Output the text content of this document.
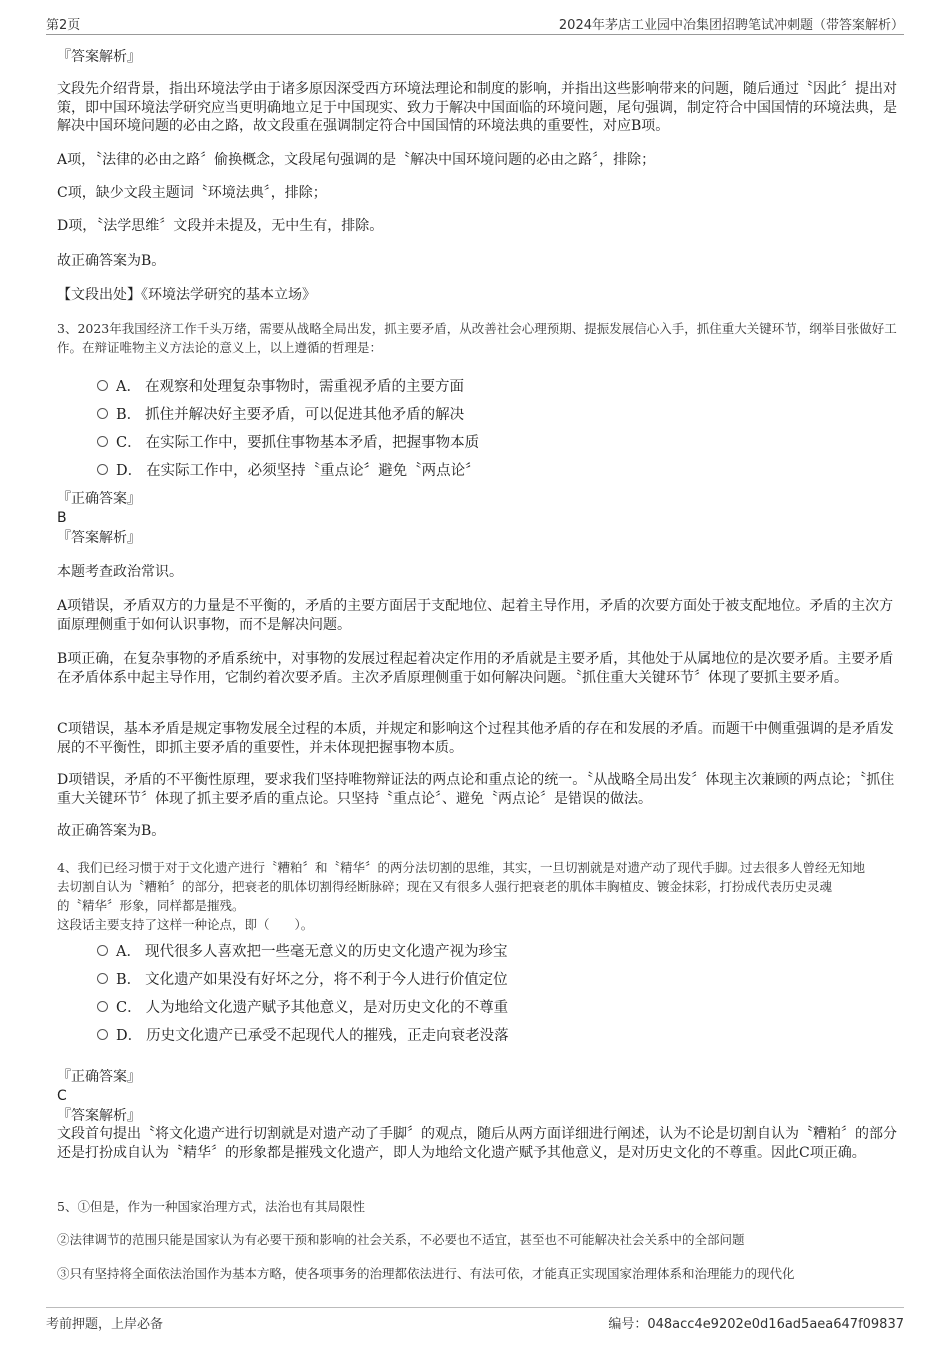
第2页	2024年茅店工业园中冶集团招聘笔试冲刺题（带答案解析）

『答案解析』

文段先介绍背景，指出环境法学由于诸多原因深受西方环境法理论和制度的影响，并指出这些影响带来的问题，随后通过〝因此〞提出对策，即中国环境法学研究应当更明确地立足于中国现实、致力于解决中国面临的环境问题，尾句强调，制定符合中国国情的环境法典，是解决中国环境问题的必由之路，故文段重在强调制定符合中国国情的环境法典的重要性，对应B项。

A项，〝法律的必由之路〞偷换概念，文段尾句强调的是〝解决中国环境问题的必由之路〞，排除；

C项，缺少文段主题词〝环境法典〞，排除；

D项，〝法学思维〞文段并未提及，无中生有，排除。

故正确答案为B。

【文段出处】《环境法学研究的基本立场》

3、2023年我国经济工作千头万绪，需要从战略全局出发，抓主要矛盾，从改善社会心理预期、提振发展信心入手，抓住重大关键环节，纲举目张做好工作。在辩证唯物主义方法论的意义上，以上遵循的哲理是：

A． 在观察和处理复杂事物时，需重视矛盾的主要方面
B． 抓住并解决好主要矛盾，可以促进其他矛盾的解决
C． 在实际工作中，要抓住事物基本矛盾，把握事物本质
D． 在实际工作中，必须坚持〝重点论〞避免〝两点论〞

『正确答案』

B

『答案解析』

本题考查政治常识。

A项错误，矛盾双方的力量是不平衡的，矛盾的主要方面居于支配地位、起着主导作用，矛盾的次要方面处于被支配地位。矛盾的主次方面原理侧重于如何认识事物，而不是解决问题。

B项正确，在复杂事物的矛盾系统中，对事物的发展过程起着决定作用的矛盾就是主要矛盾，其他处于从属地位的是次要矛盾。主要矛盾在矛盾体系中起主导作用，它制约着次要矛盾。主次矛盾原理侧重于如何解决问题。〝抓住重大关键环节〞体现了要抓主要矛盾。

C项错误，基本矛盾是规定事物发展全过程的本质，并规定和影响这个过程其他矛盾的存在和发展的矛盾。而题干中侧重强调的是矛盾发展的不平衡性，即抓主要矛盾的重要性，并未体现把握事物本质。

D项错误，矛盾的不平衡性原理，要求我们坚持唯物辩证法的两点论和重点论的统一。〝从战略全局出发〞体现主次兼顾的两点论；〝抓住重大关键环节〞体现了抓主要矛盾的重点论。只坚持〝重点论〞、避免〝两点论〞是错误的做法。

故正确答案为B。

4、我们已经习惯于对于文化遗产进行〝糟粕〞和〝精华〞的两分法切割的思维，其实，一旦切割就是对遗产动了现代手脚。过去很多人曾经无知地

去切割自认为〝糟粕〞的部分，把衰老的肌体切割得经断脉碎；现在又有很多人强行把衰老的肌体丰胸植皮、镀金抹彩，打扮成代表历史灵魂

的〝精华〞形象，同样都是摧残。

这段话主要支持了这样一种论点，即（　　）。

A． 现代很多人喜欢把一些毫无意义的历史文化遗产视为珍宝
B． 文化遗产如果没有好坏之分，将不利于今人进行价值定位
C． 人为地给文化遗产赋予其他意义，是对历史文化的不尊重
D． 历史文化遗产已承受不起现代人的摧残，正走向衰老没落

『正确答案』

C

『答案解析』

文段首句提出〝将文化遗产进行切割就是对遗产动了手脚〞的观点，随后从两方面详细进行阐述，认为不论是切割自认为〝糟粕〞的部分还是打扮成自认为〝精华〞的形象都是摧残文化遗产，即人为地给文化遗产赋予其他意义，是对历史文化的不尊重。因此C项正确。

5、①但是，作为一种国家治理方式，法治也有其局限性

②法律调节的范围只能是国家认为有必要干预和影响的社会关系，不必要也不适宜，甚至也不可能解决社会关系中的全部问题

③只有坚持将全面依法治国作为基本方略，使各项事务的治理都依法进行、有法可依，才能真正实现国家治理体系和治理能力的现代化

考前押题，上岸必备	编号：048acc4e9202e0d16ad5aea647f09837
